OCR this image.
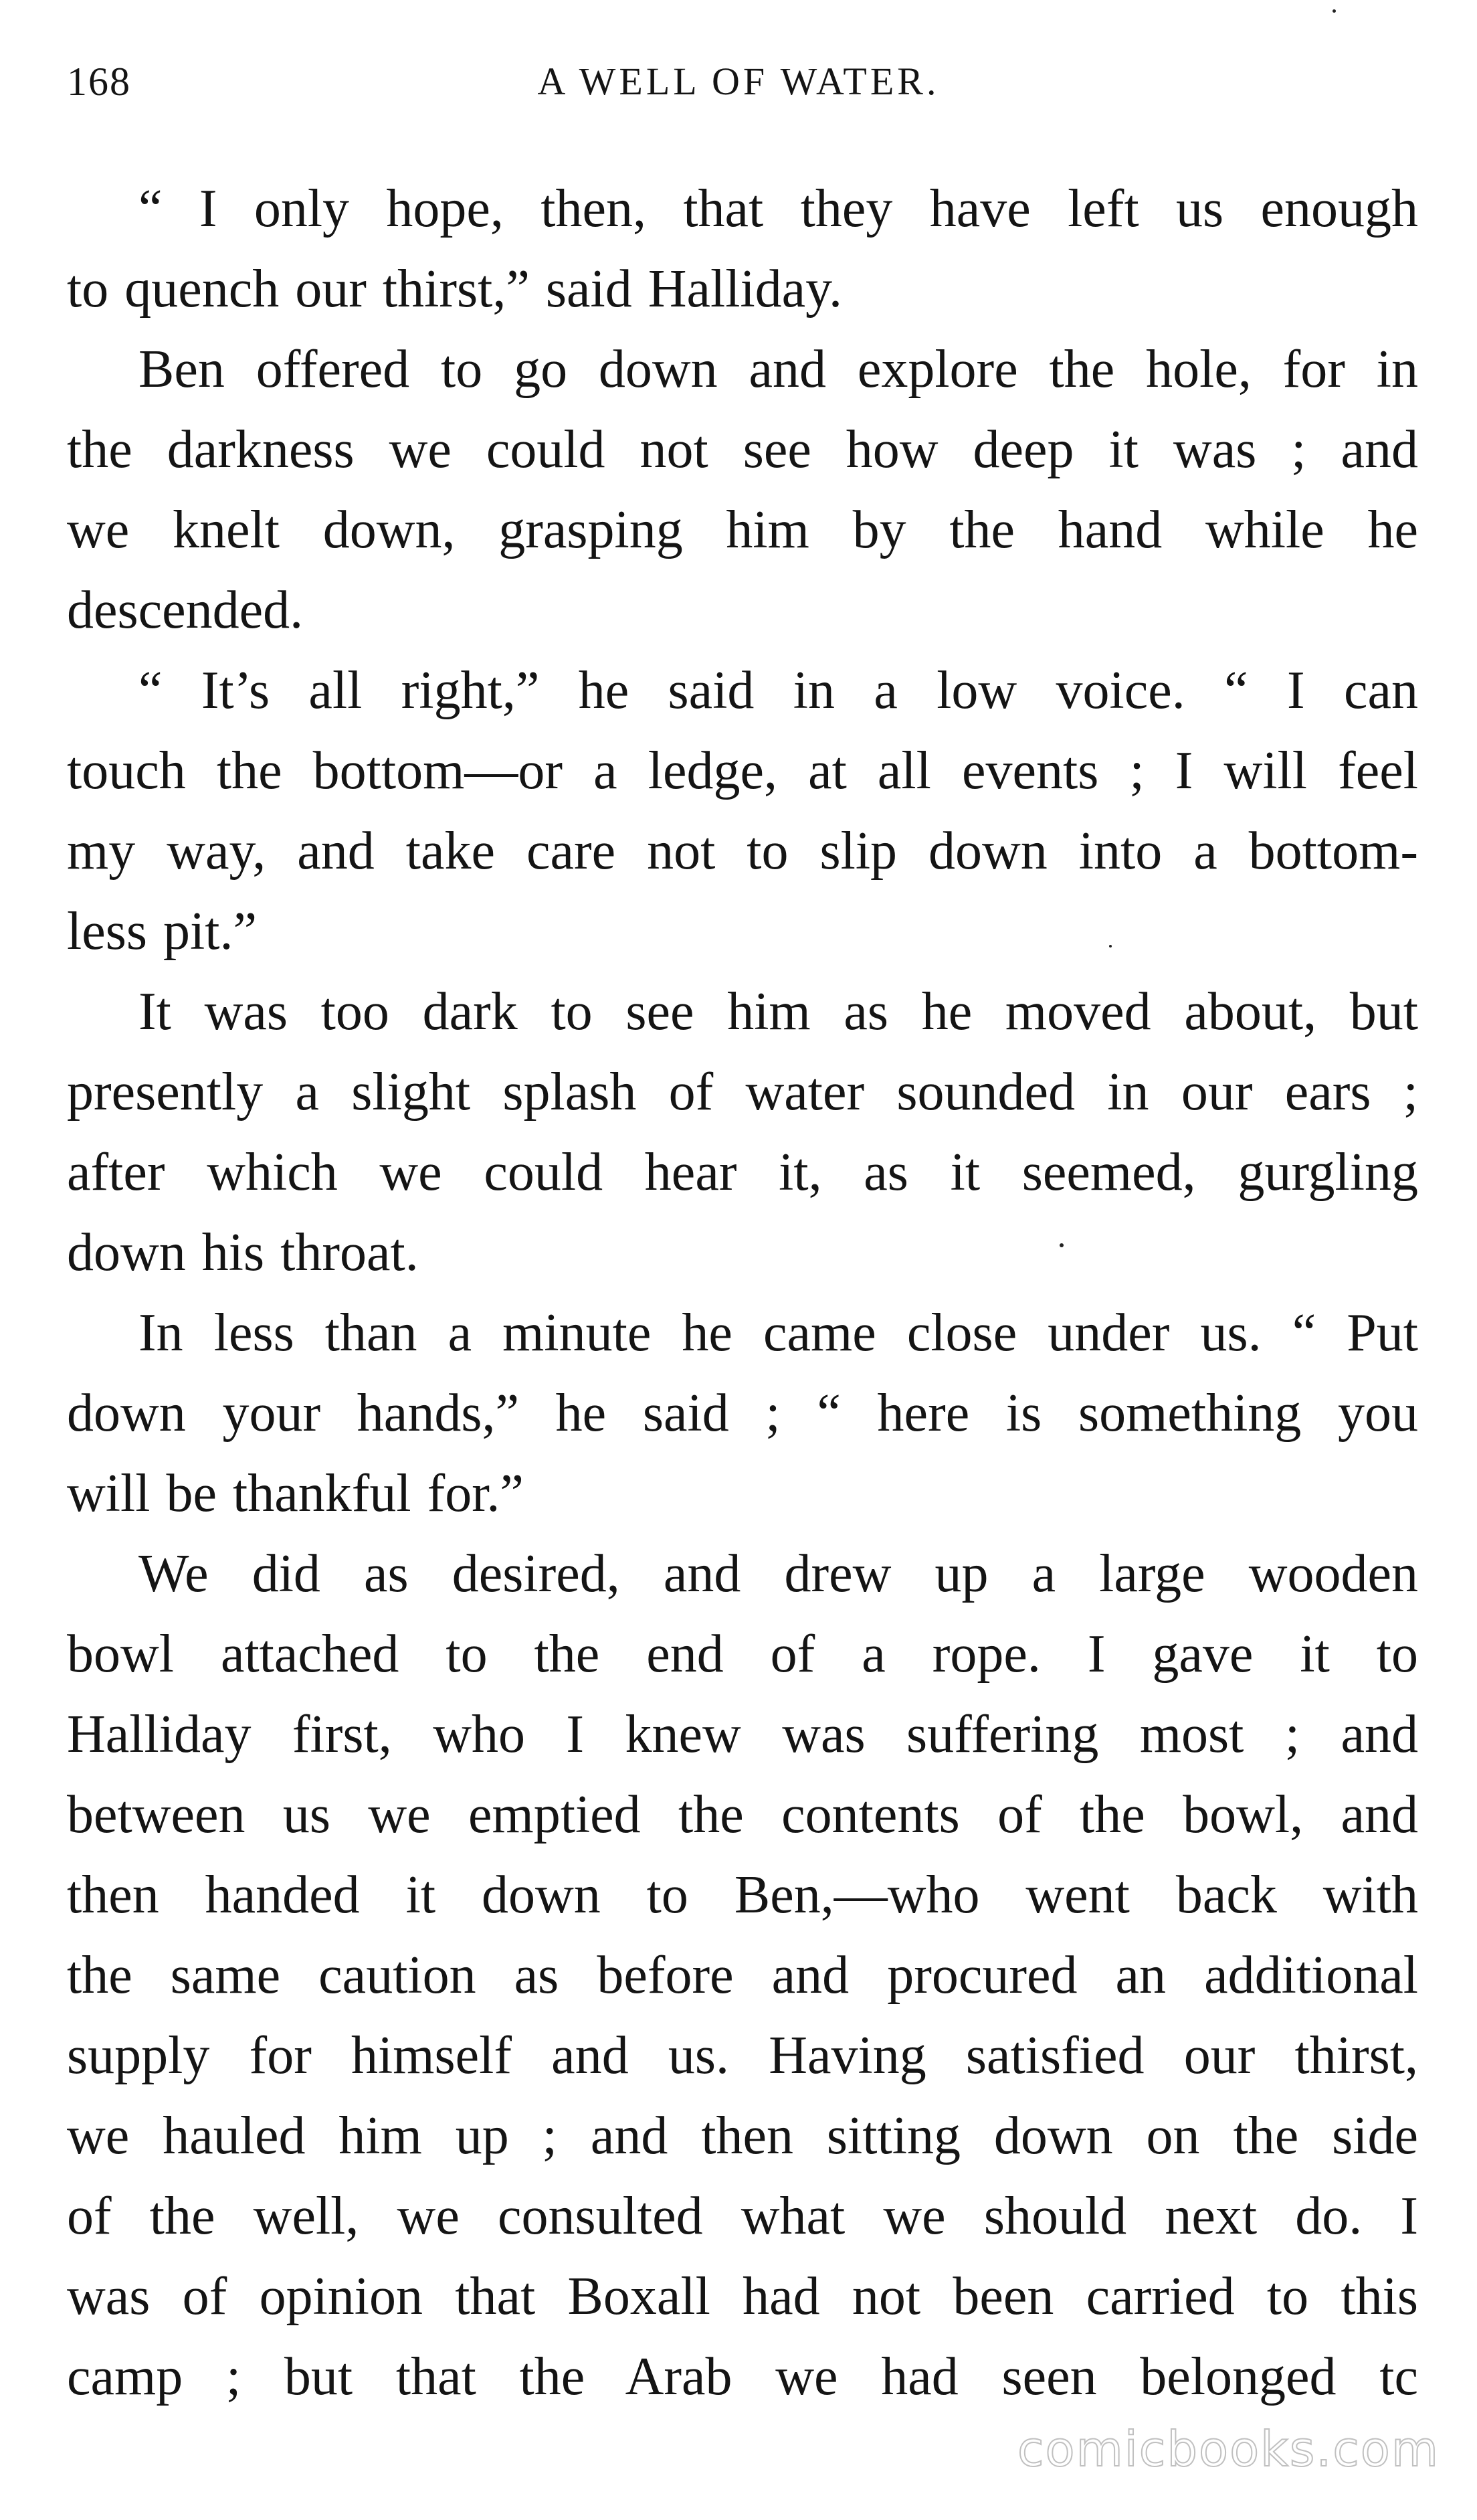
168	A WELL OF WATER.
“ I only hope, then, that they have left us enough
to quench our thirst,” said Halliday.
Ben offered to go down and explore the hole, for in
the darkness we could not see how deep it was ; and
we knelt down, grasping him by the hand while he
descended.
“ It’s all right,” he said in a low voice. “ I can
touch the bottom—or a ledge, at all events ; I will feel
my way, and take care not to slip down into a bottom-
less pit.”
It was too dark to see him as he moved about, but
presently a slight splash of water sounded in our ears ;
after which we could hear it, as it seemed, gurgling
down his throat.
In less than a minute he came close under us. “ Put
down your hands,” he said ; “ here is something you
will be thankful for.”
We did as desired, and drew up a large wooden
bowl attached to the end of a rope. I gave it to
Halliday first, who I knew was suffering most ; and
between us we emptied the contents of the bowl, and
then handed it down to Ben,—who went back with
the same caution as before and procured an additional
supply for himself and us. Having satisfied our thirst,
we hauled him up ; and then sitting down on the side
of the well, we consulted what we should next do. I
was of opinion that Boxall had not been carried to this
camp ; but that the Arab we had seen belonged tc
comicbooks.com
